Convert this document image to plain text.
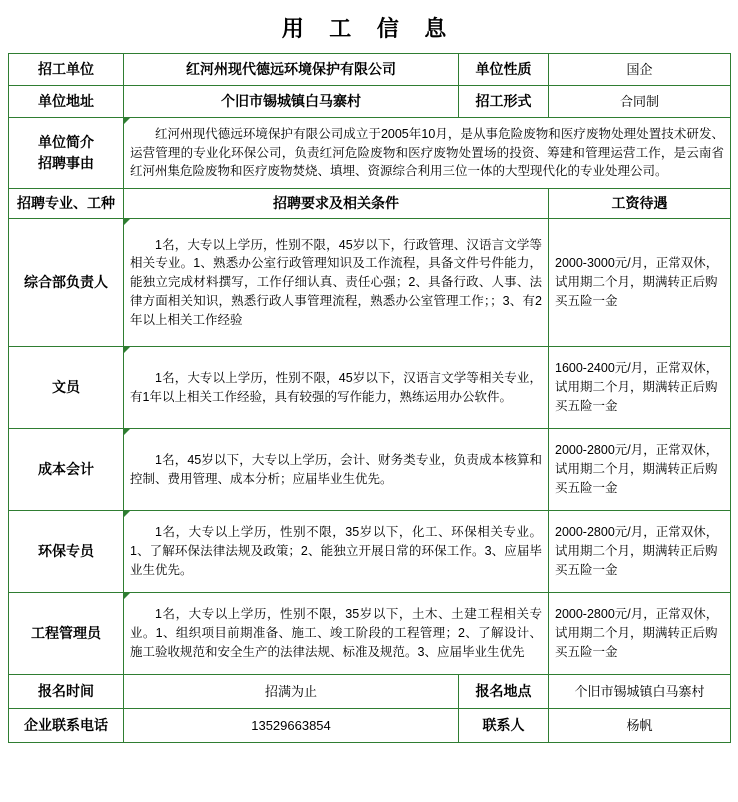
用 工 信 息
招工单位	红河州现代德远环境保护有限公司	单位性质	国企
单位地址	个旧市锡城镇白马寨村	招工形式	合同制

单位简介
招聘事由	红河州现代德远环境保护有限公司成立于2005年10月，是从事危险废物和医疗废物处理处置技术研发、运营管理的专业化环保公司，负责红河危险废物和医疗废物处置场的投资、筹建和管理运营工作，是云南省红河州集危险废物和医疗废物焚烧、填埋、资源综合利用三位一体的大型现代化的专业处理公司。		
招聘专业、工种	招聘要求及相关条件		工资待遇
综合部负责人	1名，大专以上学历，性别不限，45岁以下，行政管理、汉语言文学等相关专业。1、熟悉办公室行政管理知识及工作流程，具备文件号件能力，能独立完成材料撰写，工作仔细认真、责任心强；2、具备行政、人事、法律方面相关知识，熟悉行政人事管理流程，熟悉办公室管理工作；；3、有2年以上相关工作经验		2000-3000元/月，正常双休，试用期二个月，期满转正后购买五险一金
文员	1名，大专以上学历，性别不限，45岁以下，汉语言文学等相关专业，有1年以上相关工作经验，具有较强的写作能力，熟练运用办公软件。		1600-2400元/月，正常双休，试用期二个月，期满转正后购买五险一金
成本会计	1名，45岁以下，大专以上学历，会计、财务类专业，负责成本核算和控制、费用管理、成本分析；应届毕业生优先。		2000-2800元/月，正常双休，试用期二个月，期满转正后购买五险一金
环保专员	1名，大专以上学历，性别不限，35岁以下，化工、环保相关专业。1、了解环保法律法规及政策；2、能独立开展日常的环保工作。3、应届毕业生优先。		2000-2800元/月，正常双休，试用期二个月，期满转正后购买五险一金
工程管理员	1名，大专以上学历，性别不限，35岁以下，土木、土建工程相关专业。1、组织项目前期准备、施工、竣工阶段的工程管理；2、了解设计、施工验收规范和安全生产的法律法规、标准及规范。3、应届毕业生优先		2000-2800元/月，正常双休，试用期二个月，期满转正后购买五险一金
报名时间	招满为止	报名地点	个旧市锡城镇白马寨村
企业联系电话	13529663854	联系人	杨帆
